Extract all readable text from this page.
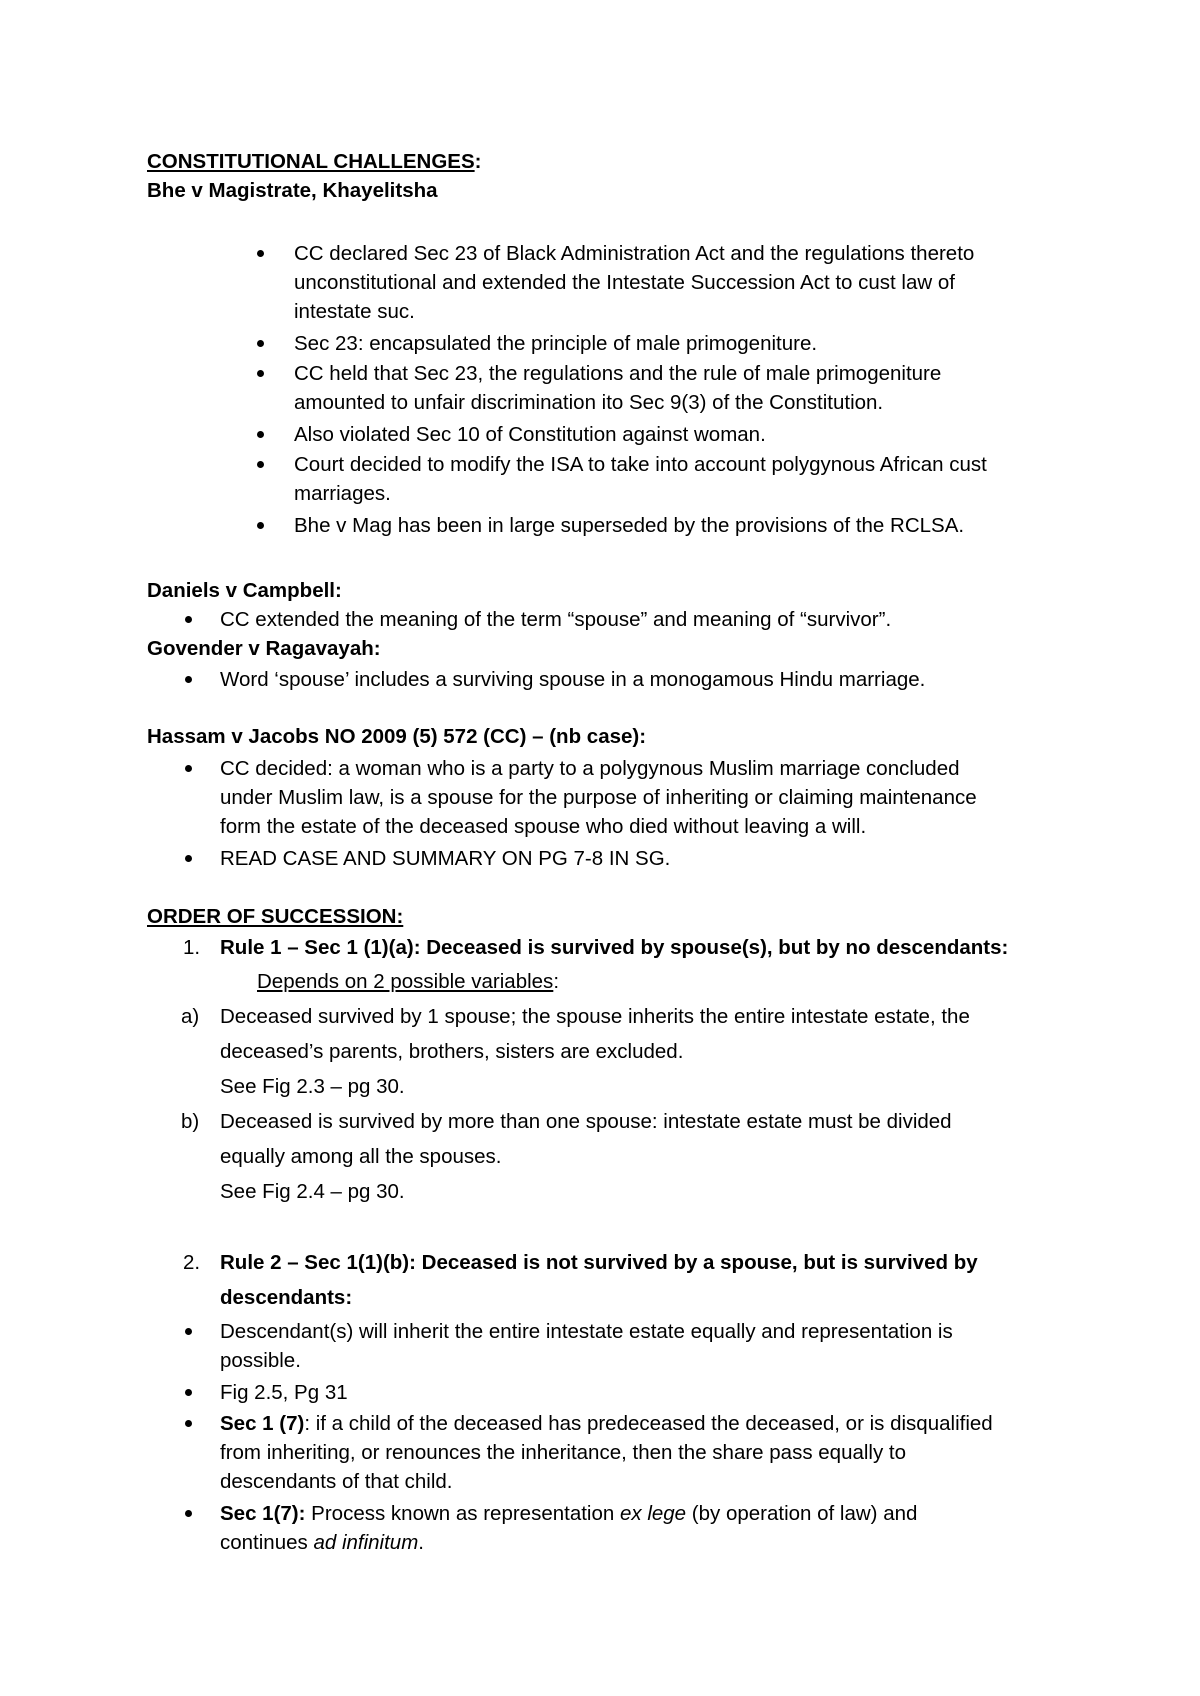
CONSTITUTIONAL CHALLENGES:
Bhe v Magistrate, Khayelitsha
CC declared Sec 23 of Black Administration Act and the regulations thereto
unconstitutional and extended the Intestate Succession Act to cust law of
intestate suc.
Sec 23: encapsulated the principle of male primogeniture.
CC held that Sec 23, the regulations and the rule of male primogeniture
amounted to unfair discrimination ito Sec 9(3) of the Constitution.
Also violated Sec 10 of Constitution against woman.
Court decided to modify the ISA to take into account polygynous African cust
marriages.
Bhe v Mag has been in large superseded by the provisions of the RCLSA.
Daniels v Campbell:
CC extended the meaning of the term “spouse” and meaning of “survivor”.
Govender v Ragavayah:
Word ‘spouse’ includes a surviving spouse in a monogamous Hindu marriage.
Hassam v Jacobs NO 2009 (5) 572 (CC) – (nb case):
CC decided: a woman who is a party to a polygynous Muslim marriage concluded
under Muslim law, is a spouse for the purpose of inheriting or claiming maintenance
form the estate of the deceased spouse who died without leaving a will.
READ CASE AND SUMMARY ON PG 7-8 IN SG.
ORDER OF SUCCESSION:
1. Rule 1 – Sec 1 (1)(a): Deceased is survived by spouse(s), but by no descendants:
Depends on 2 possible variables:
a) Deceased survived by 1 spouse; the spouse inherits the entire intestate estate, the
deceased’s parents, brothers, sisters are excluded.
See Fig 2.3 – pg 30.
b) Deceased is survived by more than one spouse: intestate estate must be divided
equally among all the spouses.
See Fig 2.4 – pg 30.
2. Rule 2 – Sec 1(1)(b): Deceased is not survived by a spouse, but is survived by
descendants:
Descendant(s) will inherit the entire intestate estate equally and representation is
possible.
Fig 2.5, Pg 31
Sec 1 (7): if a child of the deceased has predeceased the deceased, or is disqualified
from inheriting, or renounces the inheritance, then the share pass equally to
descendants of that child.
Sec 1(7): Process known as representation ex lege (by operation of law) and
continues ad infinitum.
